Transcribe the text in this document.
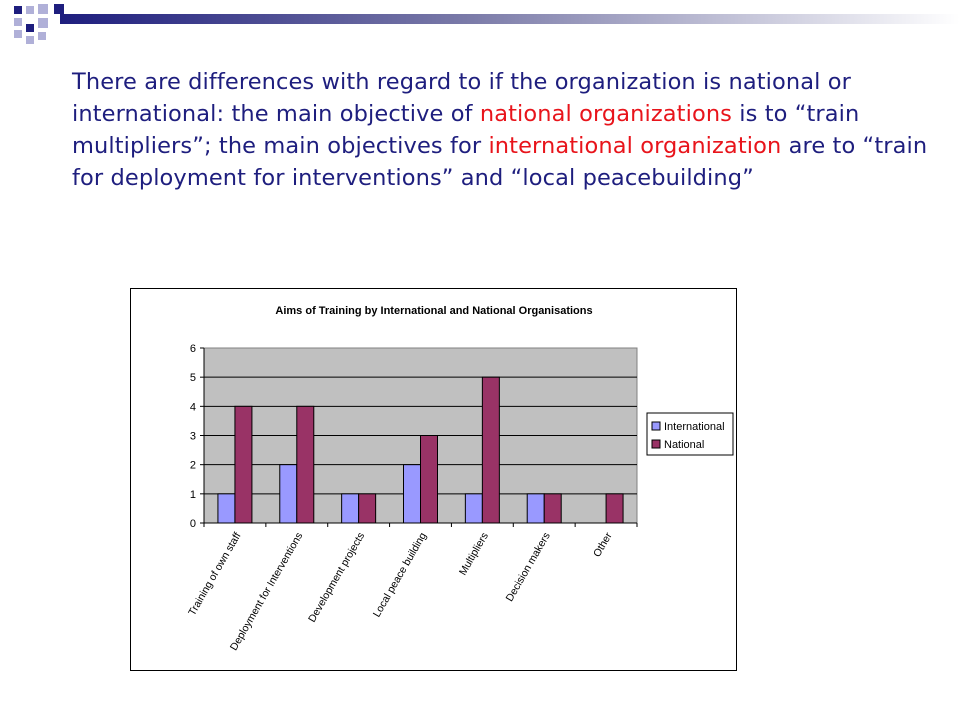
There are differences with regard to if the organization is national or international: the main objective of national organizations is to “train multipliers”; the main objectives for international organization are to “train for deployment for interventions” and “local peacebuilding”

Aims of Training by International and National Organisations
0
1
2
3
4
5
6
Training of own staff
Deployment for Interventions Development projects Local peace building	Multipliers Decision makers	Other
International
National
